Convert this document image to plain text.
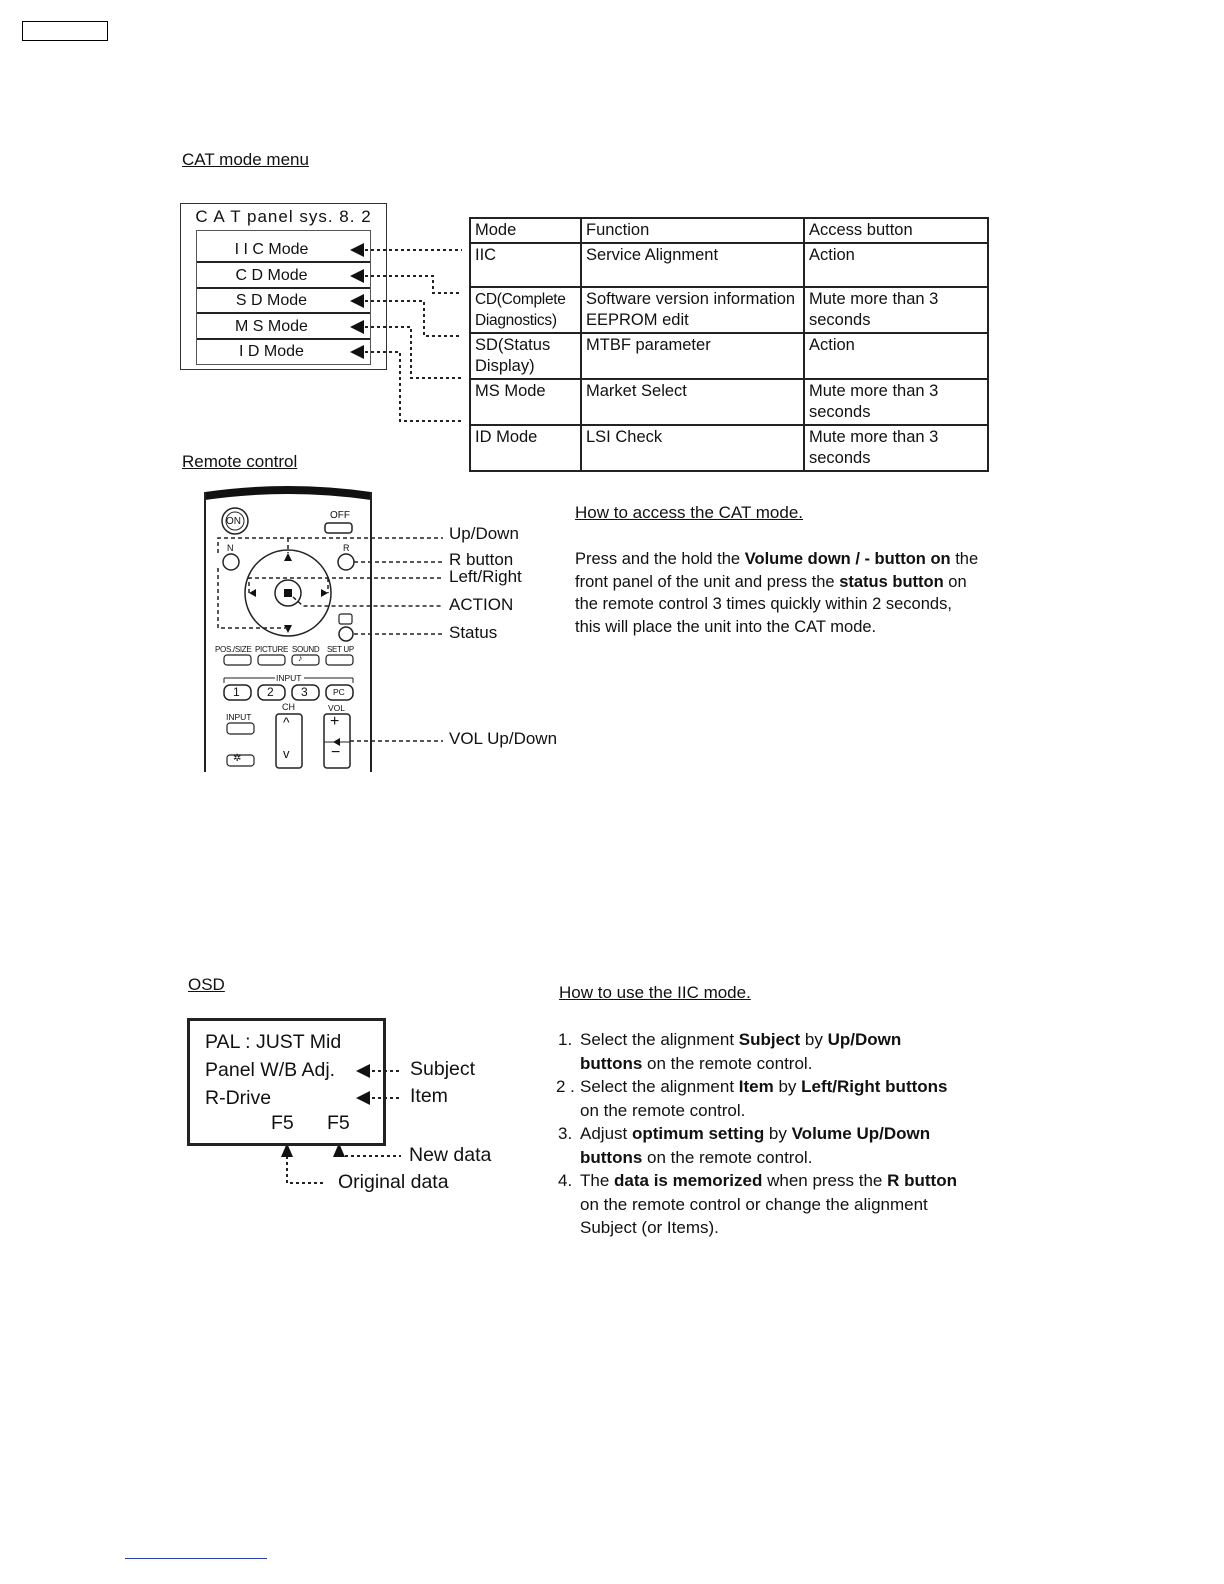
CAT mode menu
C A T panel sys. 8. 2
I I C Mode
C D Mode
S D Mode
M S Mode
I D Mode
Mode	Function	Access button
IIC	Service Alignment	Action
CD(Complete Diagnostics)	Software version information EEPROM edit	Mute more than 3 seconds
SD(Status Display)	MTBF parameter	Action
MS Mode	Market Select	Mute more than 3 seconds
ID Mode	LSI Check	Mute more than 3 seconds
Remote control
ON
OFF
N	R
POS./SIZE PICTURE SOUND SET UP
INPUT
1 2 3	PC
INPUT
CH	VOL
^
v
+
−
✲
♪
Up/Down
R button
Left/Right
ACTION
Status
VOL Up/Down
How to access the CAT mode.
Press and the hold the Volume down / - button on the
front panel of the unit and press the status button on
the remote control 3 times quickly within 2 seconds,
this will place the unit into the CAT mode.
OSD
PAL : JUST Mid
Panel W/B Adj.
R-Drive
F5 F5
Subject
Item
New data
Original data
How to use the IIC mode.
1. Select the alignment Subject by Up/Down
buttons on the remote control.
2 . Select the alignment Item by Left/Right buttons
on the remote control.
3. Adjust optimum setting by Volume Up/Down
buttons on the remote control.
4. The data is memorized when press the R button
on the remote control or change the alignment
Subject (or Items).
